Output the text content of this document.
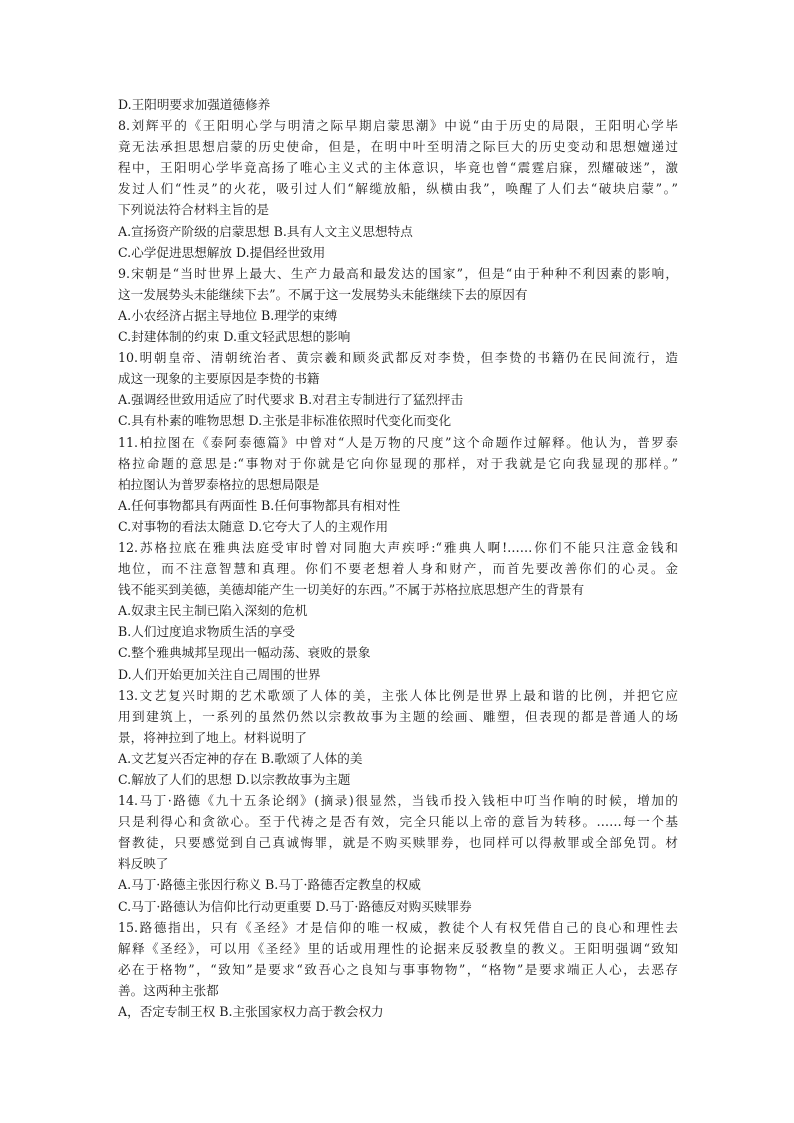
D.王阳明要求加强道德修养
8.刘辉平的《王阳明心学与明清之际早期启蒙思潮》中说“由于历史的局限，王阳明心学毕
竟无法承担思想启蒙的历史使命，但是，在明中叶至明清之际巨大的历史变动和思想嬗递过
程中，王阳明心学毕竟高扬了唯心主义式的主体意识，毕竟也曾“震霆启寐，烈耀破迷”，激
发过人们“性灵”的火花，吸引过人们“解缆放船，纵横由我”，唤醒了人们去“破块启蒙”。”
下列说法符合材料主旨的是
A.宣扬资产阶级的启蒙思想 B.具有人文主义思想特点
C.心学促进思想解放 D.提倡经世致用
9.宋朝是“当时世界上最大、生产力最高和最发达的国家”，但是“由于种种不利因素的影响，
这一发展势头未能继续下去”。不属于这一发展势头未能继续下去的原因有
A.小农经济占据主导地位 B.理学的束缚
C.封建体制的约束 D.重文轻武思想的影响
10.明朝皇帝、清朝统治者、黄宗羲和顾炎武都反对李贽，但李贽的书籍仍在民间流行，造
成这一现象的主要原因是李贽的书籍
A.强调经世致用适应了时代要求 B.对君主专制进行了猛烈抨击
C.具有朴素的唯物思想 D.主张是非标准依照时代变化而变化
11.柏拉图在《泰阿泰德篇》中曾对“人是万物的尺度”这个命题作过解释。他认为，普罗泰
格拉命题的意思是:“事物对于你就是它向你显现的那样，对于我就是它向我显现的那样。”
柏拉图认为普罗泰格拉的思想局限是
A.任何事物都具有两面性 B.任何事物都具有相对性
C.对事物的看法太随意 D.它夸大了人的主观作用
12.苏格拉底在雅典法庭受审时曾对同胞大声疾呼:“雅典人啊!……你们不能只注意金钱和
地位，而不注意智慧和真理。你们不要老想着人身和财产，而首先要改善你们的心灵。金
钱不能买到美德，美德却能产生一切美好的东西。”不属于苏格拉底思想产生的背景有
A.奴隶主民主制已陷入深刻的危机
B.人们过度追求物质生活的享受
C.整个雅典城邦呈现出一幅动荡、衰败的景象
D.人们开始更加关注自己周围的世界
13.文艺复兴时期的艺术歌颂了人体的美，主张人体比例是世界上最和谐的比例，并把它应
用到建筑上，一系列的虽然仍然以宗教故事为主题的绘画、雕塑，但表现的都是普通人的场
景，将神拉到了地上。材料说明了
A.文艺复兴否定神的存在 B.歌颂了人体的美
C.解放了人们的思想 D.以宗教故事为主题
14.马丁·路德《九十五条论纲》(摘录)很显然，当钱币投入钱柜中叮当作响的时候，增加的
只是利得心和贪欲心。至于代祷之是否有效，完全只能以上帝的意旨为转移。……每一个基
督教徒，只要感觉到自己真诚悔罪，就是不购买赎罪券，也同样可以得赦罪或全部免罚。材
料反映了
A.马丁·路德主张因行称义 B.马丁·路德否定教皇的权威
C.马丁·路德认为信仰比行动更重要 D.马丁·路德反对购买赎罪券
15.路德指出，只有《圣经》才是信仰的唯一权威，教徒个人有权凭借自己的良心和理性去
解释《圣经》，可以用《圣经》里的话或用理性的论据来反驳教皇的教义。王阳明强调“致知
必在于格物”，“致知”是要求“致吾心之良知与事事物物”，“格物”是要求端正人心，去恶存
善。这两种主张都
A，否定专制王权 B.主张国家权力高于教会权力
